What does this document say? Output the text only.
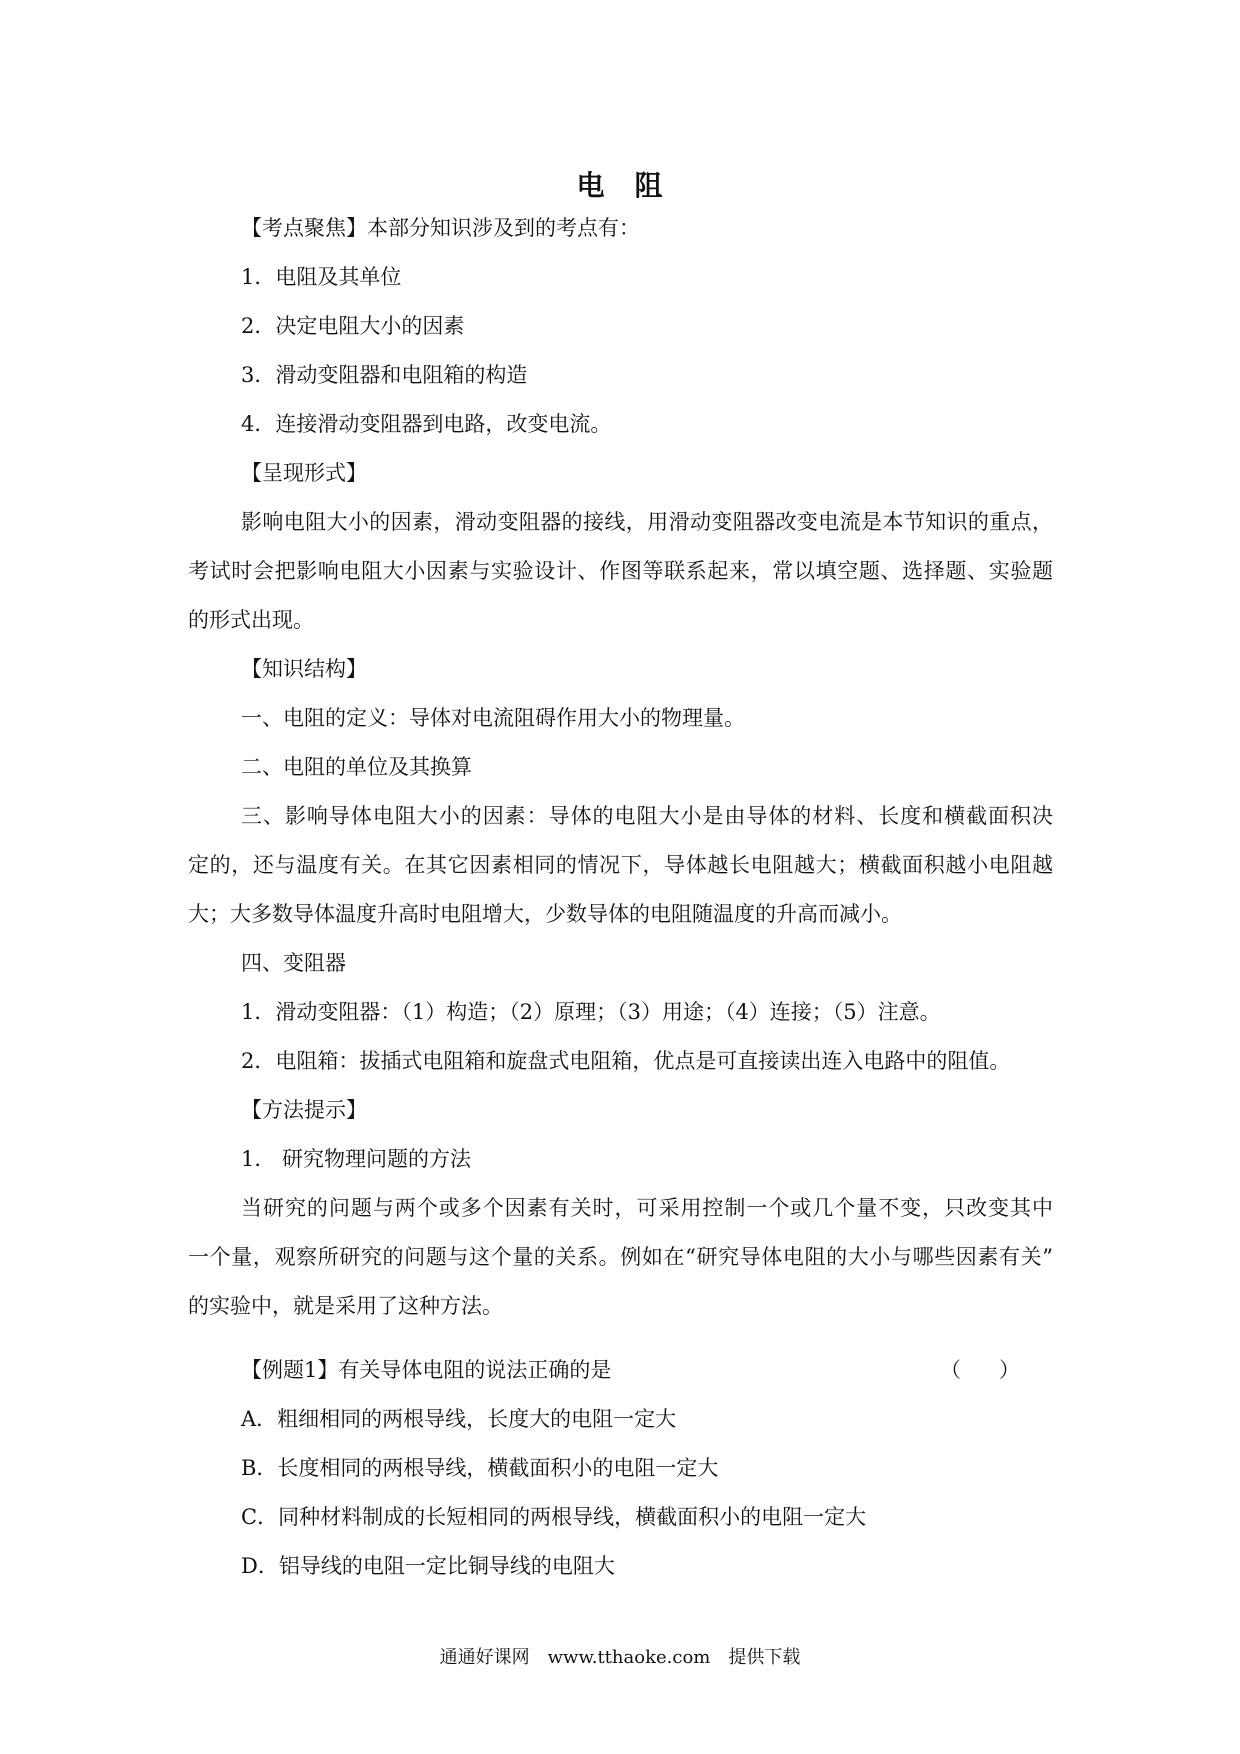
电　阻
【考点聚焦】本部分知识涉及到的考点有：
1．电阻及其单位
2．决定电阻大小的因素
3．滑动变阻器和电阻箱的构造
4．连接滑动变阻器到电路，改变电流。
【呈现形式】
影响电阻大小的因素，滑动变阻器的接线，用滑动变阻器改变电流是本节知识的重点，
考试时会把影响电阻大小因素与实验设计、作图等联系起来，常以填空题、选择题、实验题
的形式出现。
【知识结构】
一、电阻的定义：导体对电流阻碍作用大小的物理量。
二、电阻的单位及其换算
三、影响导体电阻大小的因素：导体的电阻大小是由导体的材料、长度和横截面积决
定的，还与温度有关。在其它因素相同的情况下，导体越长电阻越大；横截面积越小电阻越
大；大多数导体温度升高时电阻增大，少数导体的电阻随温度的升高而减小。
四、变阻器
1．滑动变阻器：（1）构造；（2）原理；（3）用途；（4）连接；（5）注意。
2．电阻箱：拔插式电阻箱和旋盘式电阻箱，优点是可直接读出连入电路中的阻值。
【方法提示】
1． 研究物理问题的方法
当研究的问题与两个或多个因素有关时，可采用控制一个或几个量不变，只改变其中
一个量，观察所研究的问题与这个量的关系。例如在“研究导体电阻的大小与哪些因素有关”
的实验中，就是采用了这种方法。
【例题1】有关导体电阻的说法正确的是	（ ）
A．粗细相同的两根导线，长度大的电阻一定大
B．长度相同的两根导线，横截面积小的电阻一定大
C．同种材料制成的长短相同的两根导线，横截面积小的电阻一定大
D．铝导线的电阻一定比铜导线的电阻大
通通好课网　www.tthaoke.com　提供下载
